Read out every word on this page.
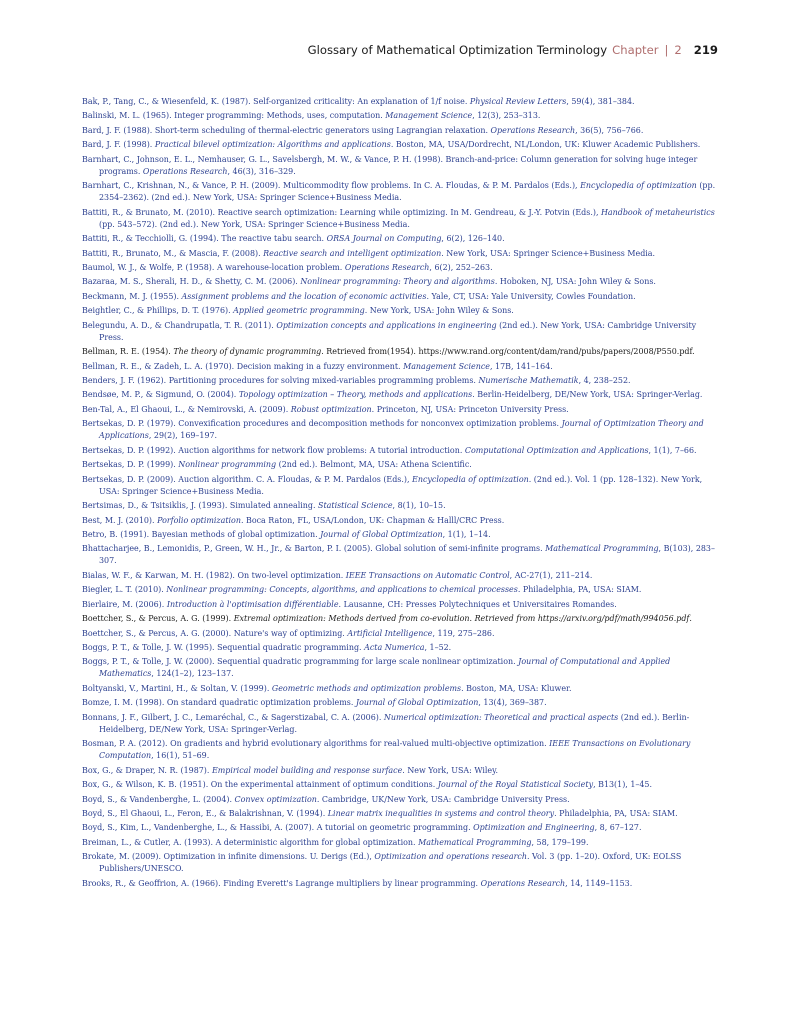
Glossary of Mathematical Optimization Terminology Chapter | 2 219

Bak, P., Tang, C., & Wiesenfeld, K. (1987). Self-organized criticality: An explanation of 1/f noise. Physical Review Letters, 59(4), 381–384.

Balinski, M. L. (1965). Integer programming: Methods, uses, computation. Management Science, 12(3), 253–313.

Bard, J. F. (1988). Short-term scheduling of thermal-electric generators using Lagrangian relaxation. Operations Research, 36(5), 756–766.

Bard, J. F. (1998). Practical bilevel optimization: Algorithms and applications. Boston, MA, USA/Dordrecht, NL/London, UK: Kluwer Academic Publishers.

Barnhart, C., Johnson, E. L., Nemhauser, G. L., Savelsbergh, M. W., & Vance, P. H. (1998). Branch-and-price: Column generation for solving huge integer programs. Operations Research, 46(3), 316–329.

Barnhart, C., Krishnan, N., & Vance, P. H. (2009). Multicommodity flow problems. In C. A. Floudas, & P. M. Pardalos (Eds.), Encyclopedia of optimization (pp. 2354–2362). (2nd ed.). New York, USA: Springer Science+Business Media.

Battiti, R., & Brunato, M. (2010). Reactive search optimization: Learning while optimizing. In M. Gendreau, & J.-Y. Potvin (Eds.), Handbook of metaheuristics (pp. 543–572). (2nd ed.). New York, USA: Springer Science+Business Media.

Battiti, R., & Tecchiolli, G. (1994). The reactive tabu search. ORSA Journal on Computing, 6(2), 126–140.

Battiti, R., Brunato, M., & Mascia, F. (2008). Reactive search and intelligent optimization. New York, USA: Springer Science+Business Media.

Baumol, W. J., & Wolfe, P. (1958). A warehouse-location problem. Operations Research, 6(2), 252–263.

Bazaraa, M. S., Sherali, H. D., & Shetty, C. M. (2006). Nonlinear programming: Theory and algorithms. Hoboken, NJ, USA: John Wiley & Sons.

Beckmann, M. J. (1955). Assignment problems and the location of economic activities. Yale, CT, USA: Yale University, Cowles Foundation.

Beightler, C., & Phillips, D. T. (1976). Applied geometric programming. New York, USA: John Wiley & Sons.

Belegundu, A. D., & Chandrupatla, T. R. (2011). Optimization concepts and applications in engineering (2nd ed.). New York, USA: Cambridge University Press.

Bellman, R. E. (1954). The theory of dynamic programming. Retrieved from(1954). https://www.rand.org/content/dam/rand/pubs/papers/2008/P550.pdf.

Bellman, R. E., & Zadeh, L. A. (1970). Decision making in a fuzzy environment. Management Science, 17B, 141–164.

Benders, J. F. (1962). Partitioning procedures for solving mixed-variables programming problems. Numerische Mathematik, 4, 238–252.

Bendsøe, M. P., & Sigmund, O. (2004). Topology optimization – Theory, methods and applications. Berlin-Heidelberg, DE/New York, USA: Springer-Verlag.

Ben-Tal, A., El Ghaoui, L., & Nemirovski, A. (2009). Robust optimization. Princeton, NJ, USA: Princeton University Press.

Bertsekas, D. P. (1979). Convexification procedures and decomposition methods for nonconvex optimization problems. Journal of Optimization Theory and Applications, 29(2), 169–197.

Bertsekas, D. P. (1992). Auction algorithms for network flow problems: A tutorial introduction. Computational Optimization and Applications, 1(1), 7–66.

Bertsekas, D. P. (1999). Nonlinear programming (2nd ed.). Belmont, MA, USA: Athena Scientific.

Bertsekas, D. P. (2009). Auction algorithm. C. A. Floudas, & P. M. Pardalos (Eds.), Encyclopedia of optimization. (2nd ed.). Vol. 1 (pp. 128–132). New York, USA: Springer Science+Business Media.

Bertsimas, D., & Tsitsiklis, J. (1993). Simulated annealing. Statistical Science, 8(1), 10–15.

Best, M. J. (2010). Porfolio optimization. Boca Raton, FL, USA/London, UK: Chapman & Halll/CRC Press.

Betro, B. (1991). Bayesian methods of global optimization. Journal of Global Optimization, 1(1), 1–14.

Bhattacharjee, B., Lemonidis, P., Green, W. H., Jr., & Barton, P. I. (2005). Global solution of semi-infinite programs. Mathematical Programming, B(103), 283–307.

Bialas, W. F., & Karwan, M. H. (1982). On two-level optimization. IEEE Transactions on Automatic Control, AC-27(1), 211–214.

Biegler, L. T. (2010). Nonlinear programming: Concepts, algorithms, and applications to chemical processes. Philadelphia, PA, USA: SIAM.

Bierlaire, M. (2006). Introduction à l'optimisation différentiable. Lausanne, CH: Presses Polytechniques et Universitaires Romandes.

Boettcher, S., & Percus, A. G. (1999). Extremal optimization: Methods derived from co-evolution. Retrieved from https://arxiv.org/pdf/math/994056.pdf.

Boettcher, S., & Percus, A. G. (2000). Nature's way of optimizing. Artificial Intelligence, 119, 275–286.

Boggs, P. T., & Tolle, J. W. (1995). Sequential quadratic programming. Acta Numerica, 1–52.

Boggs, P. T., & Tolle, J. W. (2000). Sequential quadratic programming for large scale nonlinear optimization. Journal of Computational and Applied Mathematics, 124(1–2), 123–137.

Boltyanski, V., Martini, H., & Soltan, V. (1999). Geometric methods and optimization problems. Boston, MA, USA: Kluwer.

Bomze, I. M. (1998). On standard quadratic optimization problems. Journal of Global Optimization, 13(4), 369–387.

Bonnans, J. F., Gilbert, J. C., Lemaréchal, C., & Sagerstizabal, C. A. (2006). Numerical optimization: Theoretical and practical aspects (2nd ed.). Berlin-Heidelberg, DE/New York, USA: Springer-Verlag.

Bosman, P. A. (2012). On gradients and hybrid evolutionary algorithms for real-valued multi-objective optimization. IEEE Transactions on Evolutionary Computation, 16(1), 51–69.

Box, G., & Draper, N. R. (1987). Empirical model building and response surface. New York, USA: Wiley.

Box, G., & Wilson, K. B. (1951). On the experimental attainment of optimum conditions. Journal of the Royal Statistical Society, B13(1), 1–45.

Boyd, S., & Vandenberghe, L. (2004). Convex optimization. Cambridge, UK/New York, USA: Cambridge University Press.

Boyd, S., El Ghaoui, L., Feron, E., & Balakrishnan, V. (1994). Linear matrix inequalities in systems and control theory. Philadelphia, PA, USA: SIAM.

Boyd, S., Kim, L., Vandenberghe, L., & Hassibi, A. (2007). A tutorial on geometric programming. Optimization and Engineering, 8, 67–127.

Breiman, L., & Cutler, A. (1993). A deterministic algorithm for global optimization. Mathematical Programming, 58, 179–199.

Brokate, M. (2009). Optimization in infinite dimensions. U. Derigs (Ed.), Optimization and operations research. Vol. 3 (pp. 1–20). Oxford, UK: EOLSS Publishers/UNESCO.

Brooks, R., & Geoffrion, A. (1966). Finding Everett's Lagrange multipliers by linear programming. Operations Research, 14, 1149–1153.
